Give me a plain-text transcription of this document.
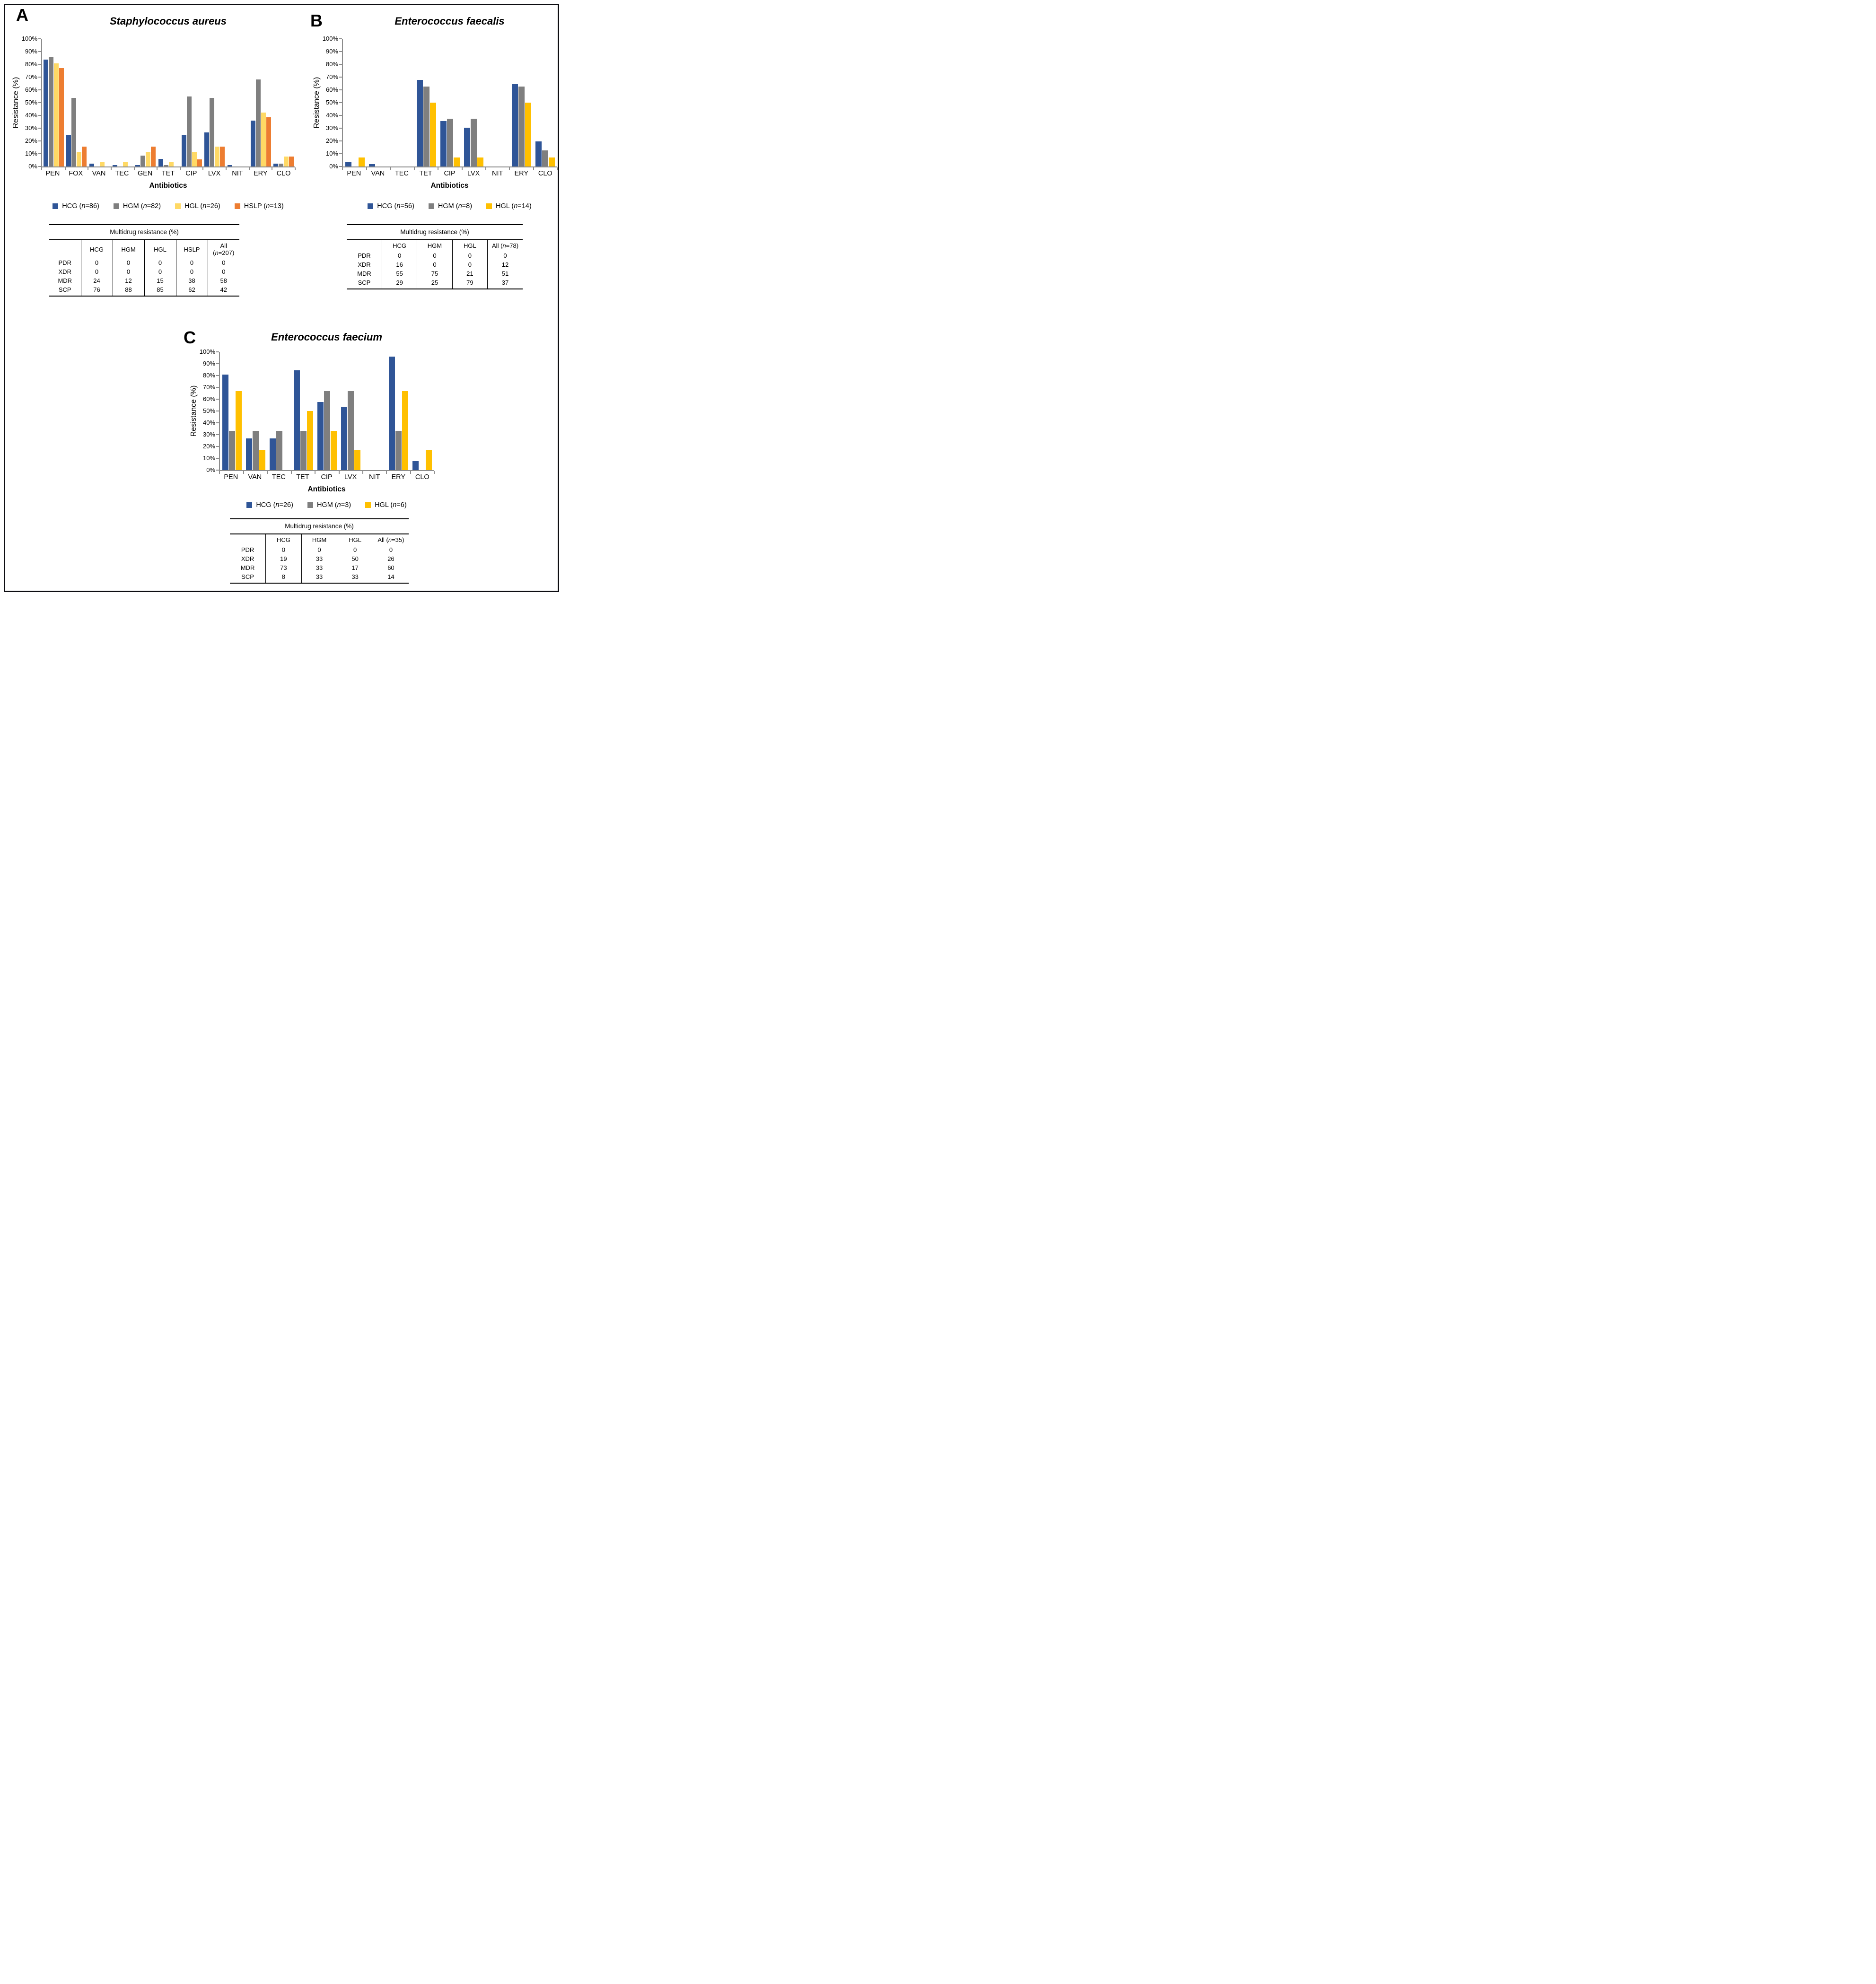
A	Staphylococcus aureus
Resistance (%)
0%
10%
20%
30%
40%
50%
60%
70%
80%
90%
100%
PEN	FOX	VAN	TEC	GEN	TET	CIP	LVX	NIT	ERY	CLO
Antibiotics
HCG (n=86)	HGM (n=82)	HGL (n=26)	HSLP (n=13)
Multidrug resistance (%)					
	HCG	HGM	HGL	HSLP	All (n=207)
PDR	0	0	0	0	0
XDR	0	0	0	0	0
MDR	24	12	15	38	58
SCP	76	88	85	62	42
B	Enterococcus faecalis
Resistance (%)
0%
10%
20%
30%
40%
50%
60%
70%
80%
90%
100%
PEN	VAN	TEC	TET	CIP	LVX	NIT	ERY	CLO
Antibiotics
HCG (n=56)	HGM (n=8)	HGL (n=14)
Multidrug resistance (%)				
	HCG	HGM	HGL	All (n=78)
PDR	0	0	0	0
XDR	16	0	0	12
MDR	55	75	21	51
SCP	29	25	79	37
C	Enterococcus faecium
Resistance (%)
0%
10%
20%
30%
40%
50%
60%
70%
80%
90%
100%
PEN	VAN	TEC	TET	CIP	LVX	NIT	ERY	CLO
Antibiotics
HCG (n=26)	HGM (n=3)	HGL (n=6)
Multidrug resistance (%)				
	HCG	HGM	HGL	All (n=35)
PDR	0	0	0	0
XDR	19	33	50	26
MDR	73	33	17	60
SCP	8	33	33	14
